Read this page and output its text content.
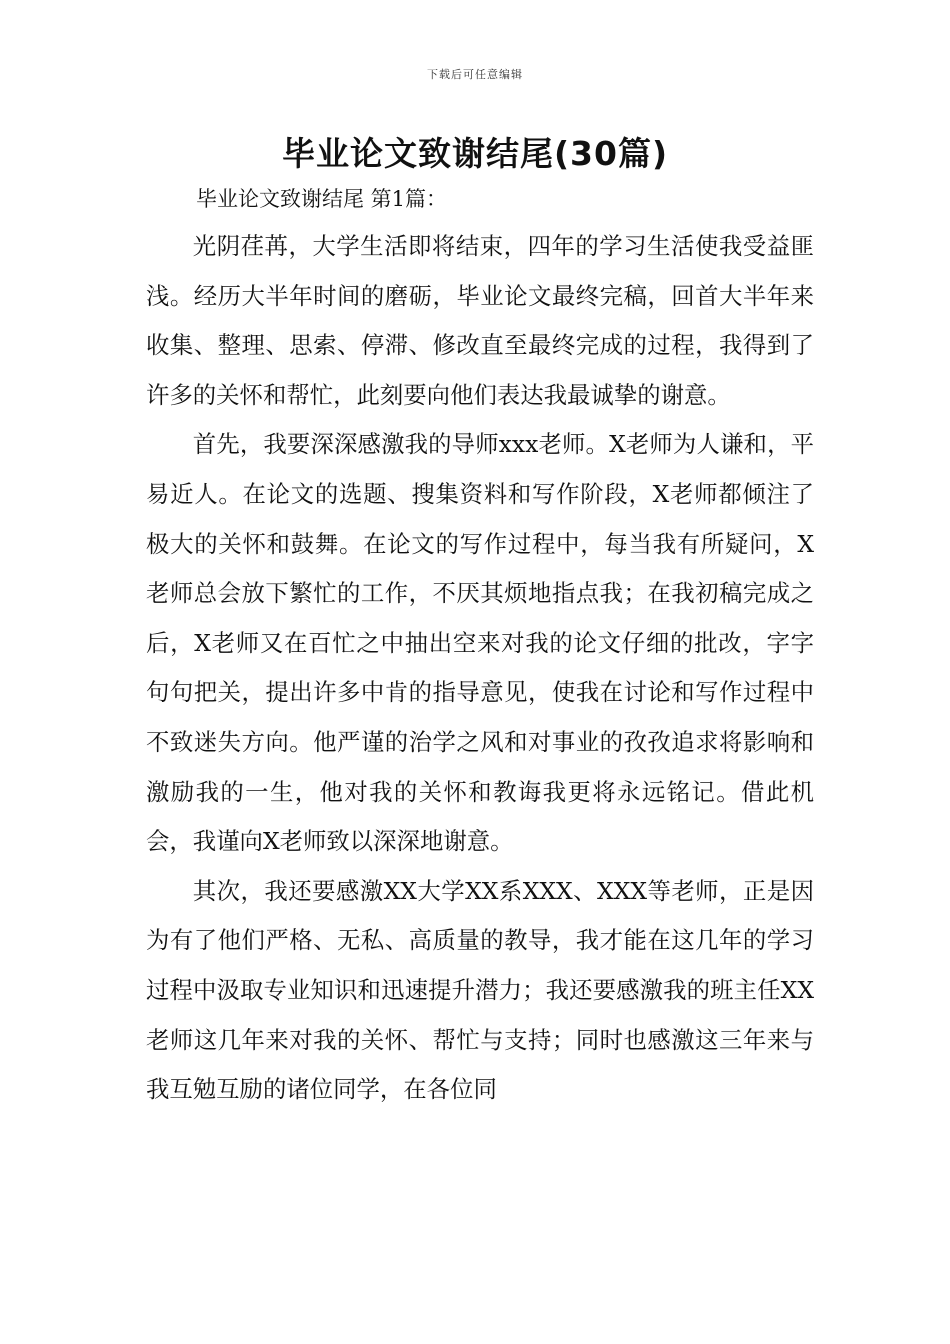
下载后可任意编辑
毕业论文致谢结尾(30篇)
毕业论文致谢结尾 第1篇：

光阴荏苒，大学生活即将结束，四年的学习生活使我受益匪浅。经历大半年时间的磨砺，毕业论文最终完稿，回首大半年来收集、整理、思索、停滞、修改直至最终完成的过程，我得到了许多的关怀和帮忙，此刻要向他们表达我最诚挚的谢意。

首先，我要深深感激我的导师xxx老师。X老师为人谦和，平易近人。在论文的选题、搜集资料和写作阶段，X老师都倾注了极大的关怀和鼓舞。在论文的写作过程中，每当我有所疑问，X老师总会放下繁忙的工作，不厌其烦地指点我；在我初稿完成之后，X老师又在百忙之中抽出空来对我的论文仔细的批改，字字句句把关，提出许多中肯的指导意见，使我在讨论和写作过程中不致迷失方向。他严谨的治学之风和对事业的孜孜追求将影响和激励我的一生，他对我的关怀和教诲我更将永远铭记。借此机会，我谨向X老师致以深深地谢意。

其次，我还要感激XX大学XX系XXX、XXX等老师，正是因为有了他们严格、无私、高质量的教导，我才能在这几年的学习过程中汲取专业知识和迅速提升潜力；我还要感激我的班主任XX老师这几年来对我的关怀、帮忙与支持；同时也感激这三年来与我互勉互励的诸位同学，在各位同
